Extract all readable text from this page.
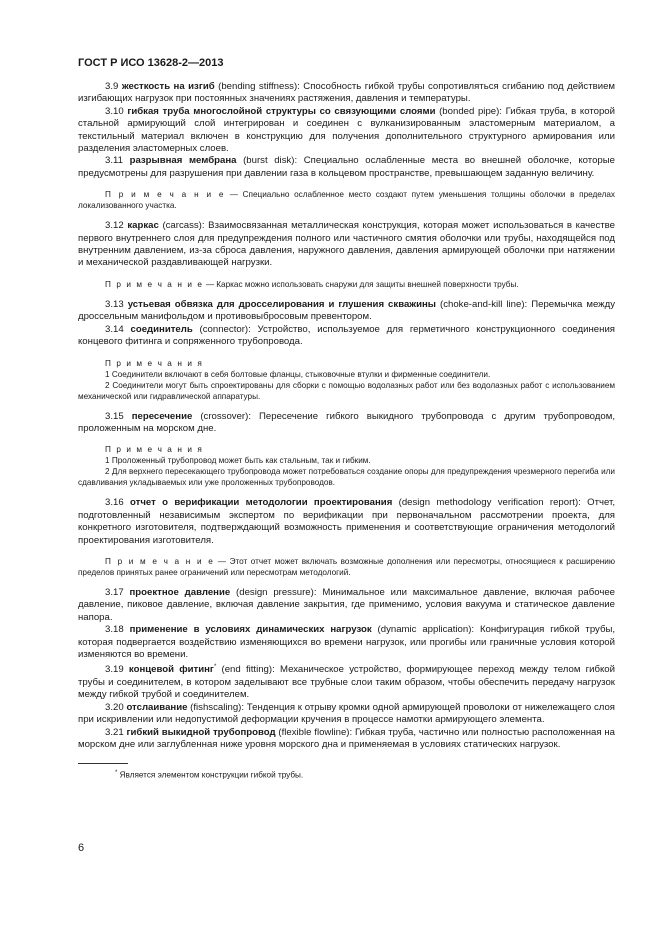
ГОСТ Р ИСО 13628-2—2013

3.9 жесткость на изгиб (bending stiffness): Способность гибкой трубы сопротивляться сгибанию под действием изгибающих нагрузок при постоянных значениях растяжения, давления и температуры.

3.10 гибкая труба многослойной структуры со связующими слоями (bonded pipe): Гибкая труба, в которой стальной армирующий слой интегрирован и соединен с вулканизированным эластомерным материалом, а текстильный материал включен в конструкцию для получения дополнительного структурного армирования или разделения эластомерных слоев.

3.11 разрывная мембрана (burst disk): Специально ослабленные места во внешней оболочке, которые предусмотрены для разрушения при давлении газа в кольцевом пространстве, превышающем заданную величину.

П р и м е ч а н и е — Специально ослабленное место создают путем уменьшения толщины оболочки в пределах локализованного участка.

3.12 каркас (carcass): Взаимосвязанная металлическая конструкция, которая может использоваться в качестве первого внутреннего слоя для предупреждения полного или частичного смятия оболочки или трубы, находящейся под внутренним давлением, из-за сброса давления, наружного давления, давления армирующей оболочки при натяжении и механической раздавливающей нагрузки.

П р и м е ч а н и е — Каркас можно использовать снаружи для защиты внешней поверхности трубы.

3.13 устьевая обвязка для дросселирования и глушения скважины (choke-and-kill line): Перемычка между дроссельным манифольдом и противовыбросовым превентором.

3.14 соединитель (connector): Устройство, используемое для герметичного конструкционного соединения концевого фитинга и сопряженного трубопровода.

П р и м е ч а н и я

1 Соединители включают в себя болтовые фланцы, стыковочные втулки и фирменные соединители.

2 Соединители могут быть спроектированы для сборки с помощью водолазных работ или без водолазных работ с использованием механической или гидравлической аппаратуры.

3.15 пересечение (crossover): Пересечение гибкого выкидного трубопровода с другим трубопроводом, проложенным на морском дне.

П р и м е ч а н и я

1 Проложенный трубопровод может быть как стальным, так и гибким.

2 Для верхнего пересекающего трубопровода может потребоваться создание опоры для предупреждения чрезмерного перегиба или сдавливания укладываемых или уже проложенных трубопроводов.

3.16 отчет о верификации методологии проектирования (design methodology verification report): Отчет, подготовленный независимым экспертом по верификации при первоначальном рассмотрении проекта, для конкретного изготовителя, подтверждающий возможность применения и соответствующие ограничения методологий проектирования изготовителя.

П р и м е ч а н и е — Этот отчет может включать возможные дополнения или пересмотры, относящиеся к расширению пределов принятых ранее ограничений или пересмотрам методологий.

3.17 проектное давление (design pressure): Минимальное или максимальное давление, включая рабочее давление, пиковое давление, включая давление закрытия, где применимо, условия вакуума и статическое давление напора.

3.18 применение в условиях динамических нагрузок (dynamic application): Конфигурация гибкой трубы, которая подвергается воздействию изменяющихся во времени нагрузок, или прогибы или граничные условия которой изменяются во времени.

3.19 концевой фитинг* (end fitting): Механическое устройство, формирующее переход между телом гибкой трубы и соединителем, в котором заделывают все трубные слои таким образом, чтобы обеспечить передачу нагрузок между гибкой трубой и соединителем.

3.20 отслаивание (fishscaling): Тенденция к отрыву кромки одной армирующей проволоки от нижележащего слоя при искривлении или недопустимой деформации кручения в процессе намотки армирующего элемента.

3.21 гибкий выкидной трубопровод (flexible flowline): Гибкая труба, частично или полностью расположенная на морском дне или заглубленная ниже уровня морского дна и применяемая в условиях статических нагрузок.

* Является элементом конструкции гибкой трубы.
6
